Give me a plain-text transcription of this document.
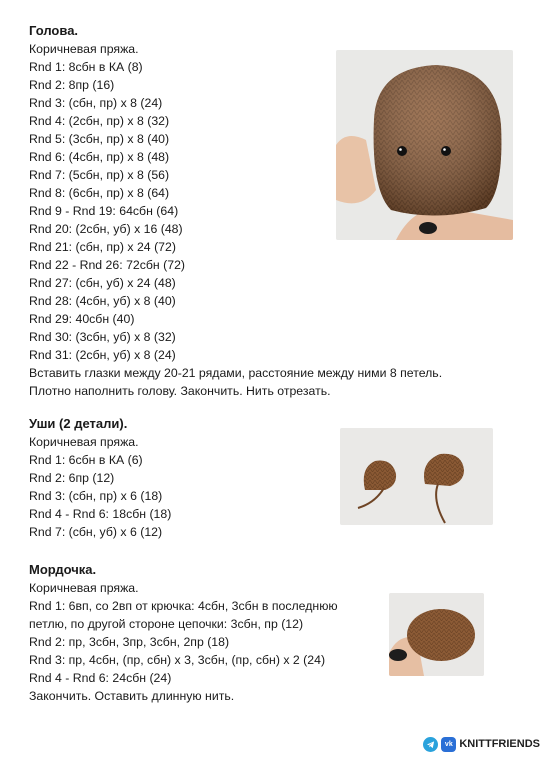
Голова.
Коричневая пряжа.
Rnd 1: 8сбн в КА (8)
Rnd 2: 8пр (16)
Rnd 3: (сбн, пр) х 8 (24)
Rnd 4: (2сбн, пр) х 8 (32)
Rnd 5: (3сбн, пр) х 8 (40)
Rnd 6: (4сбн, пр) х 8 (48)
Rnd 7: (5сбн, пр) х 8 (56)
Rnd 8: (6сбн, пр) х 8 (64)
Rnd 9 - Rnd 19: 64сбн (64)
Rnd 20: (2сбн, уб) х 16 (48)
Rnd 21: (сбн, пр) х 24 (72)
Rnd 22 - Rnd 26: 72сбн (72)
Rnd 27: (сбн, уб) х 24 (48)
Rnd 28: (4сбн, уб) х 8 (40)
Rnd 29: 40сбн (40)
Rnd 30: (3сбн, уб) х 8 (32)
Rnd 31: (2сбн, уб) х 8 (24)
Вставить глазки между 20-21 рядами, расстояние между ними 8 петель.
Плотно наполнить голову. Закончить. Нить отрезать.
Уши (2 детали).
Коричневая пряжа.
Rnd 1: 6сбн в КА (6)
Rnd 2: 6пр (12)
Rnd 3: (сбн, пр) х 6 (18)
Rnd 4 - Rnd 6: 18сбн (18)
Rnd 7: (сбн, уб) х 6 (12)
Мордочка.
Коричневая пряжа.
Rnd 1: 6вп, со 2вп от крючка: 4сбн, 3сбн в последнюю петлю, по другой стороне цепочки: 3сбн, пр (12)
Rnd 2: пр, 3сбн, 3пр, 3сбн, 2пр (18)
Rnd 3: пр, 4сбн, (пр, сбн) х 3, 3сбн, (пр, сбн) х 2 (24)
Rnd 4 - Rnd 6: 24сбн (24)
Закончить. Оставить длинную нить.
vk KNITTFRIENDS
